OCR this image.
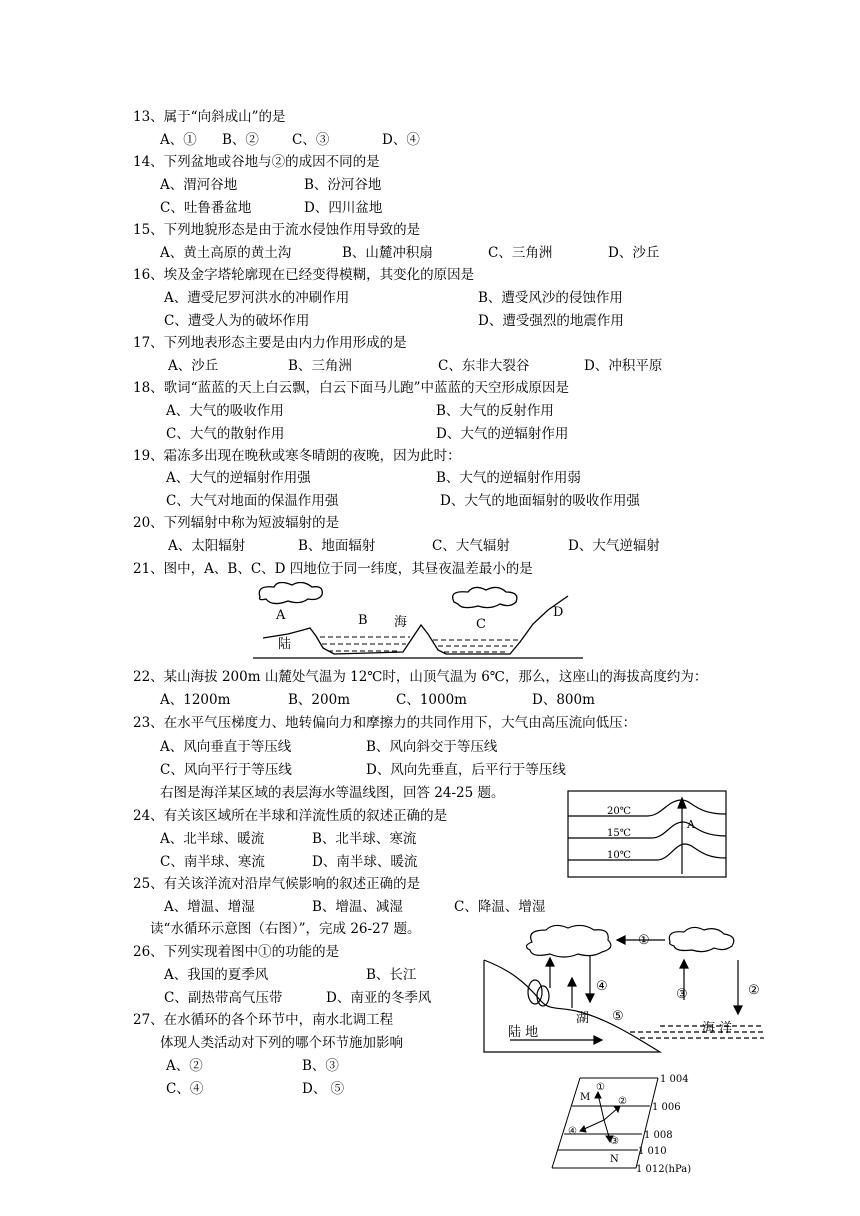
13、属于“向斜成山”的是
A、① B、② C、③	D、④
14、下列盆地或谷地与②的成因不同的是
A、渭河谷地	B、汾河谷地
C、吐鲁番盆地	D、四川盆地
15、下列地貌形态是由于流水侵蚀作用导致的是
A、黄土高原的黄土沟	B、山麓冲积扇	C、三角洲	D、沙丘
16、埃及金字塔轮廓现在已经变得模糊，其变化的原因是
A、遭受尼罗河洪水的冲刷作用	B、遭受风沙的侵蚀作用
C、遭受人为的破坏作用	D、遭受强烈的地震作用
17、下列地表形态主要是由内力作用形成的是
A、沙丘	B、三角洲	C、东非大裂谷	D、冲积平原
18、歌词“蓝蓝的天上白云飘，白云下面马儿跑”中蓝蓝的天空形成原因是
A、大气的吸收作用	B、大气的反射作用
C、大气的散射作用	D、大气的逆辐射作用
19、霜冻多出现在晚秋或寒冬晴朗的夜晚，因为此时：
A、大气的逆辐射作用强	B、大气的逆辐射作用弱
C、大气对地面的保温作用强	D、大气的地面辐射的吸收作用强
20、下列辐射中称为短波辐射的是
A、太阳辐射	B、地面辐射	C、大气辐射	D、大气逆辐射
21、图中，A、B、C、D 四地位于同一纬度，其昼夜温差最小的是
A	B 海	C
D
陆
22、某山海拔 200m 山麓处气温为 12℃时，山顶气温为 6℃，那么，这座山的海拔高度约为：
A、1200m	B、200m	C、1000m	D、800m
23、在水平气压梯度力、地转偏向力和摩擦力的共同作用下，大气由高压流向低压：
A、风向垂直于等压线	B、风向斜交于等压线
C、风向平行于等压线	D、风向先垂直，后平行于等压线
右图是海洋某区域的表层海水等温线图，回答 24-25 题。
20℃
15℃
10℃
A
24、有关该区域所在半球和洋流性质的叙述正确的是
A、北半球、暖流	B、北半球、寒流
C、南半球、寒流	D、南半球、暖流
25、有关该洋流对沿岸气候影响的叙述正确的是
A、增温、增湿	B、增温、减湿	C、降温、增湿
读“水循环示意图（右图）”，完成 26-27 题。
①
②
③
④
⑤
陆 地
湖
海 洋
26、下列实现着图中①的功能的是
A、我国的夏季风	B、长江
C、副热带高气压带	D、南亚的冬季风
27、在水循环的各个环节中，南水北调工程
体现人类活动对下列的哪个环节施加影响
A、②	B、③
C、④	D、 ⑤
1 004
1 006
1 008
1 010
1 012(hPa)
M
N
①
②
③
④
